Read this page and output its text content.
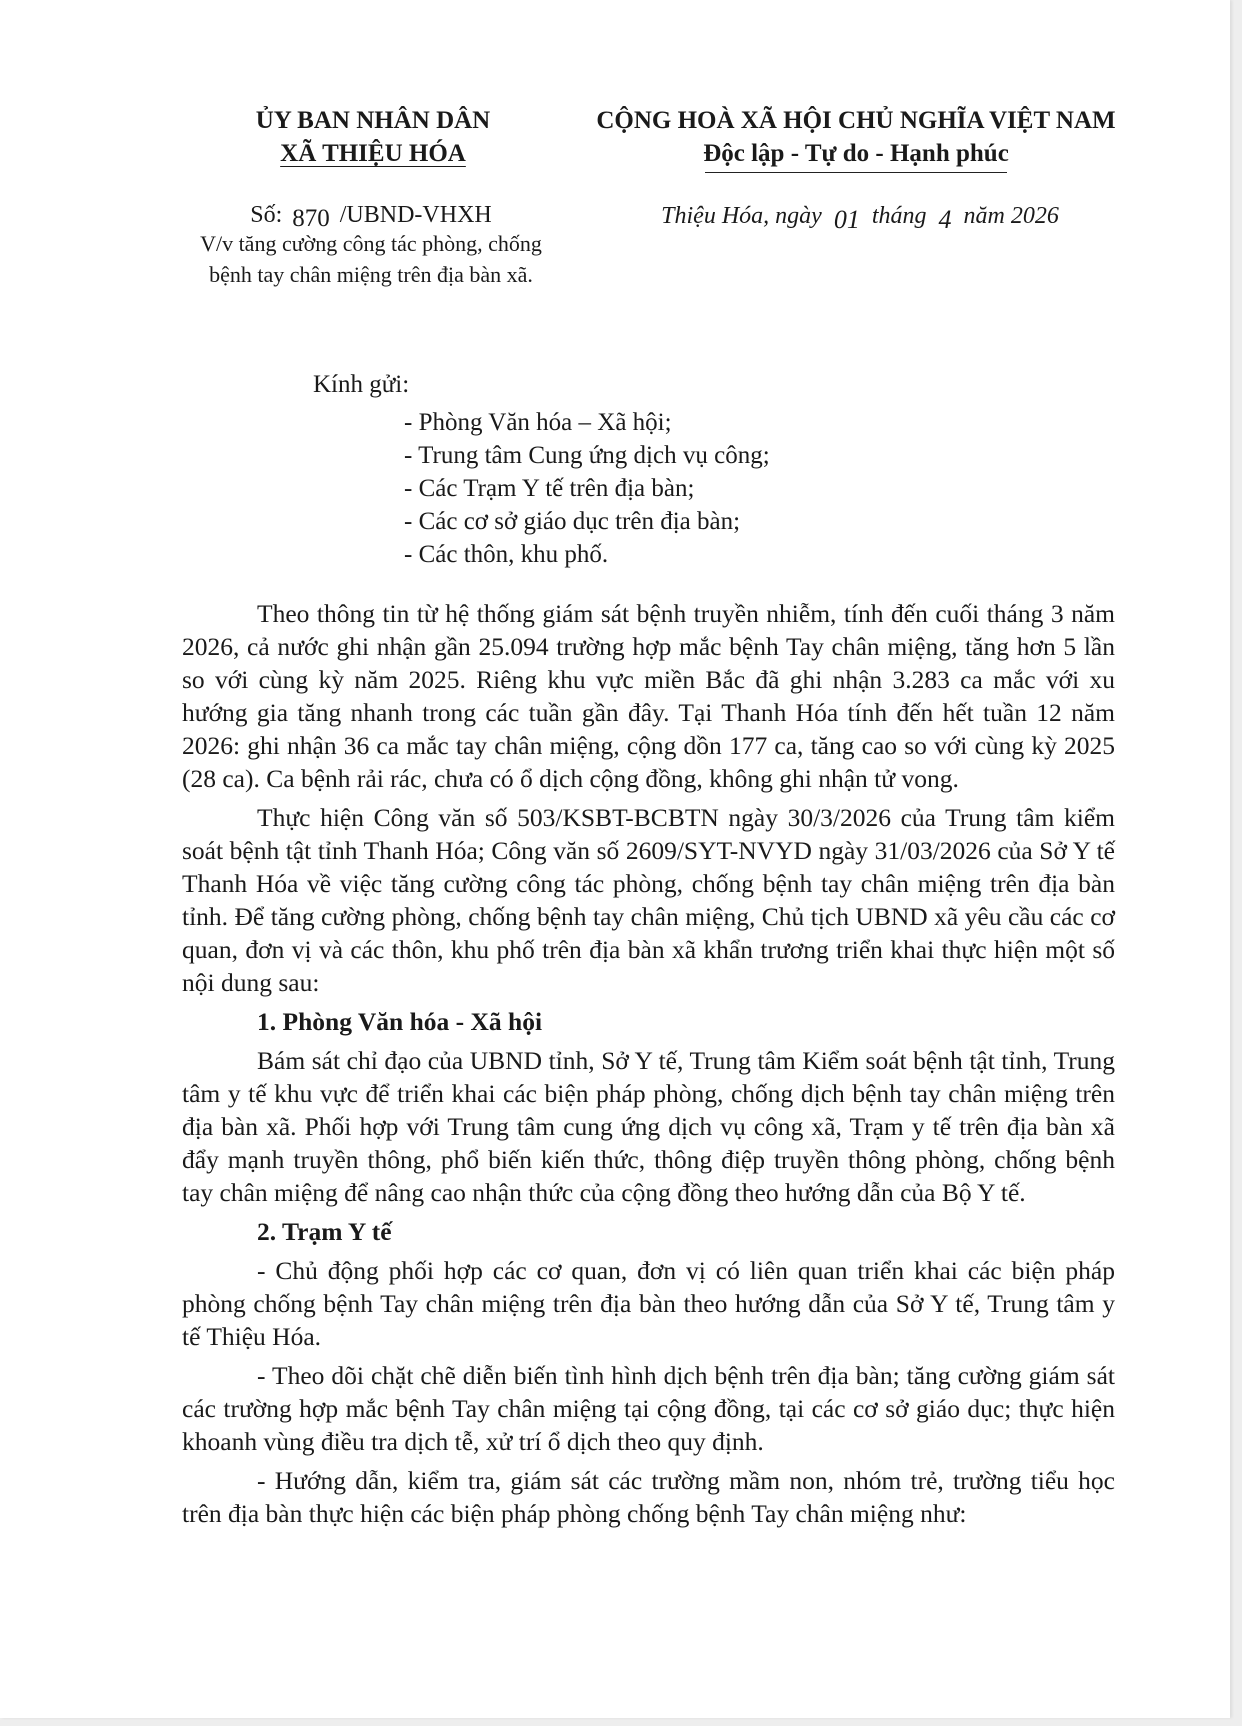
ỦY BAN NHÂN DÂN
XÃ THIỆU HÓA
CỘNG HOÀ XÃ HỘI CHỦ NGHĨA VIỆT NAM
Độc lập - Tự do - Hạnh phúc
Số: 870 /UBND-VHXH
V/v tăng cường công tác phòng, chống bệnh tay chân miệng trên địa bàn xã.
Thiệu Hóa, ngày 01 tháng 4 năm 2026
Kính gửi:
- Phòng Văn hóa – Xã hội;
- Trung tâm Cung ứng dịch vụ công;
- Các Trạm Y tế trên địa bàn;
- Các cơ sở giáo dục trên địa bàn;
- Các thôn, khu phố.

Theo thông tin từ hệ thống giám sát bệnh truyền nhiễm, tính đến cuối tháng 3 năm 2026, cả nước ghi nhận gần 25.094 trường hợp mắc bệnh Tay chân miệng, tăng hơn 5 lần so với cùng kỳ năm 2025. Riêng khu vực miền Bắc đã ghi nhận 3.283 ca mắc với xu hướng gia tăng nhanh trong các tuần gần đây. Tại Thanh Hóa tính đến hết tuần 12 năm 2026: ghi nhận 36 ca mắc tay chân miệng, cộng dồn 177 ca, tăng cao so với cùng kỳ 2025 (28 ca). Ca bệnh rải rác, chưa có ổ dịch cộng đồng, không ghi nhận tử vong.

Thực hiện Công văn số 503/KSBT-BCBTN ngày 30/3/2026 của Trung tâm kiểm soát bệnh tật tỉnh Thanh Hóa; Công văn số 2609/SYT-NVYD ngày 31/03/2026 của Sở Y tế Thanh Hóa về việc tăng cường công tác phòng, chống bệnh tay chân miệng trên địa bàn tỉnh. Để tăng cường phòng, chống bệnh tay chân miệng, Chủ tịch UBND xã yêu cầu các cơ quan, đơn vị và các thôn, khu phố trên địa bàn xã khẩn trương triển khai thực hiện một số nội dung sau:

1. Phòng Văn hóa - Xã hội

Bám sát chỉ đạo của UBND tỉnh, Sở Y tế, Trung tâm Kiểm soát bệnh tật tỉnh, Trung tâm y tế khu vực để triển khai các biện pháp phòng, chống dịch bệnh tay chân miệng trên địa bàn xã. Phối hợp với Trung tâm cung ứng dịch vụ công xã, Trạm y tế trên địa bàn xã đẩy mạnh truyền thông, phổ biến kiến thức, thông điệp truyền thông phòng, chống bệnh tay chân miệng để nâng cao nhận thức của cộng đồng theo hướng dẫn của Bộ Y tế.

2. Trạm Y tế

- Chủ động phối hợp các cơ quan, đơn vị có liên quan triển khai các biện pháp phòng chống bệnh Tay chân miệng trên địa bàn theo hướng dẫn của Sở Y tế, Trung tâm y tế Thiệu Hóa.

- Theo dõi chặt chẽ diễn biến tình hình dịch bệnh trên địa bàn; tăng cường giám sát các trường hợp mắc bệnh Tay chân miệng tại cộng đồng, tại các cơ sở giáo dục; thực hiện khoanh vùng điều tra dịch tễ, xử trí ổ dịch theo quy định.

- Hướng dẫn, kiểm tra, giám sát các trường mầm non, nhóm trẻ, trường tiểu học trên địa bàn thực hiện các biện pháp phòng chống bệnh Tay chân miệng như:
